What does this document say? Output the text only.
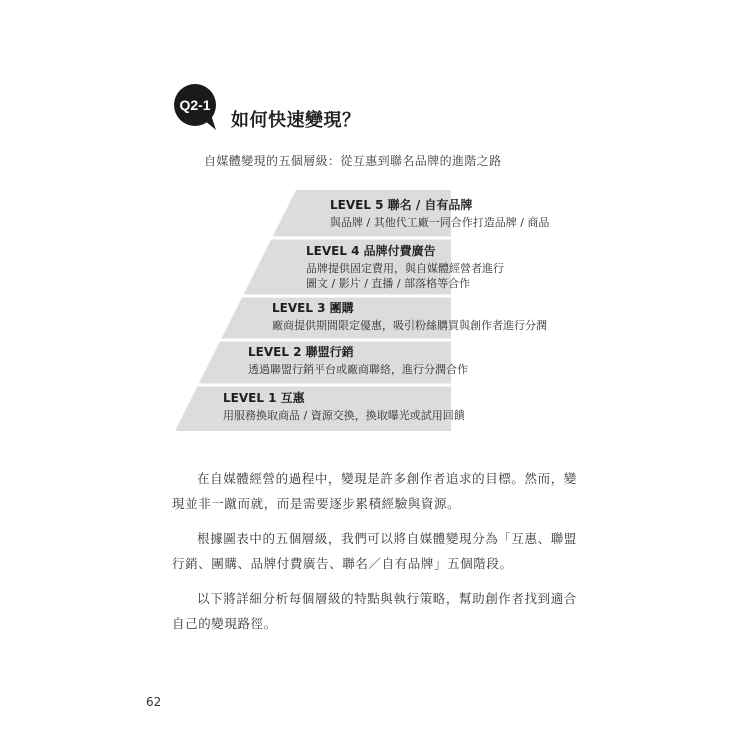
Q2-1
如何快速變現？
自媒體變現的五個層級：從互惠到聯名品牌的進階之路
LEVEL 5 聯名 / 自有品牌
與品牌 / 其他代工廠一同合作打造品牌 / 商品
LEVEL 4 品牌付費廣告
品牌提供固定費用，與自媒體經營者進行
圖文 / 影片 / 直播 / 部落格等合作
LEVEL 3 團購
廠商提供期間限定優惠，吸引粉絲購買與創作者進行分潤
LEVEL 2 聯盟行銷
透過聯盟行銷平台或廠商聯絡，進行分潤合作
LEVEL 1 互惠
用服務換取商品 / 資源交換，換取曝光或試用回饋

在自媒體經營的過程中，變現是許多創作者追求的目標。然而，變現並非一蹴而就，而是需要逐步累積經驗與資源。

根據圖表中的五個層級，我們可以將自媒體變現分為「互惠、聯盟行銷、團購、品牌付費廣告、聯名／自有品牌」五個階段。

以下將詳細分析每個層級的特點與執行策略，幫助創作者找到適合自己的變現路徑。

62
